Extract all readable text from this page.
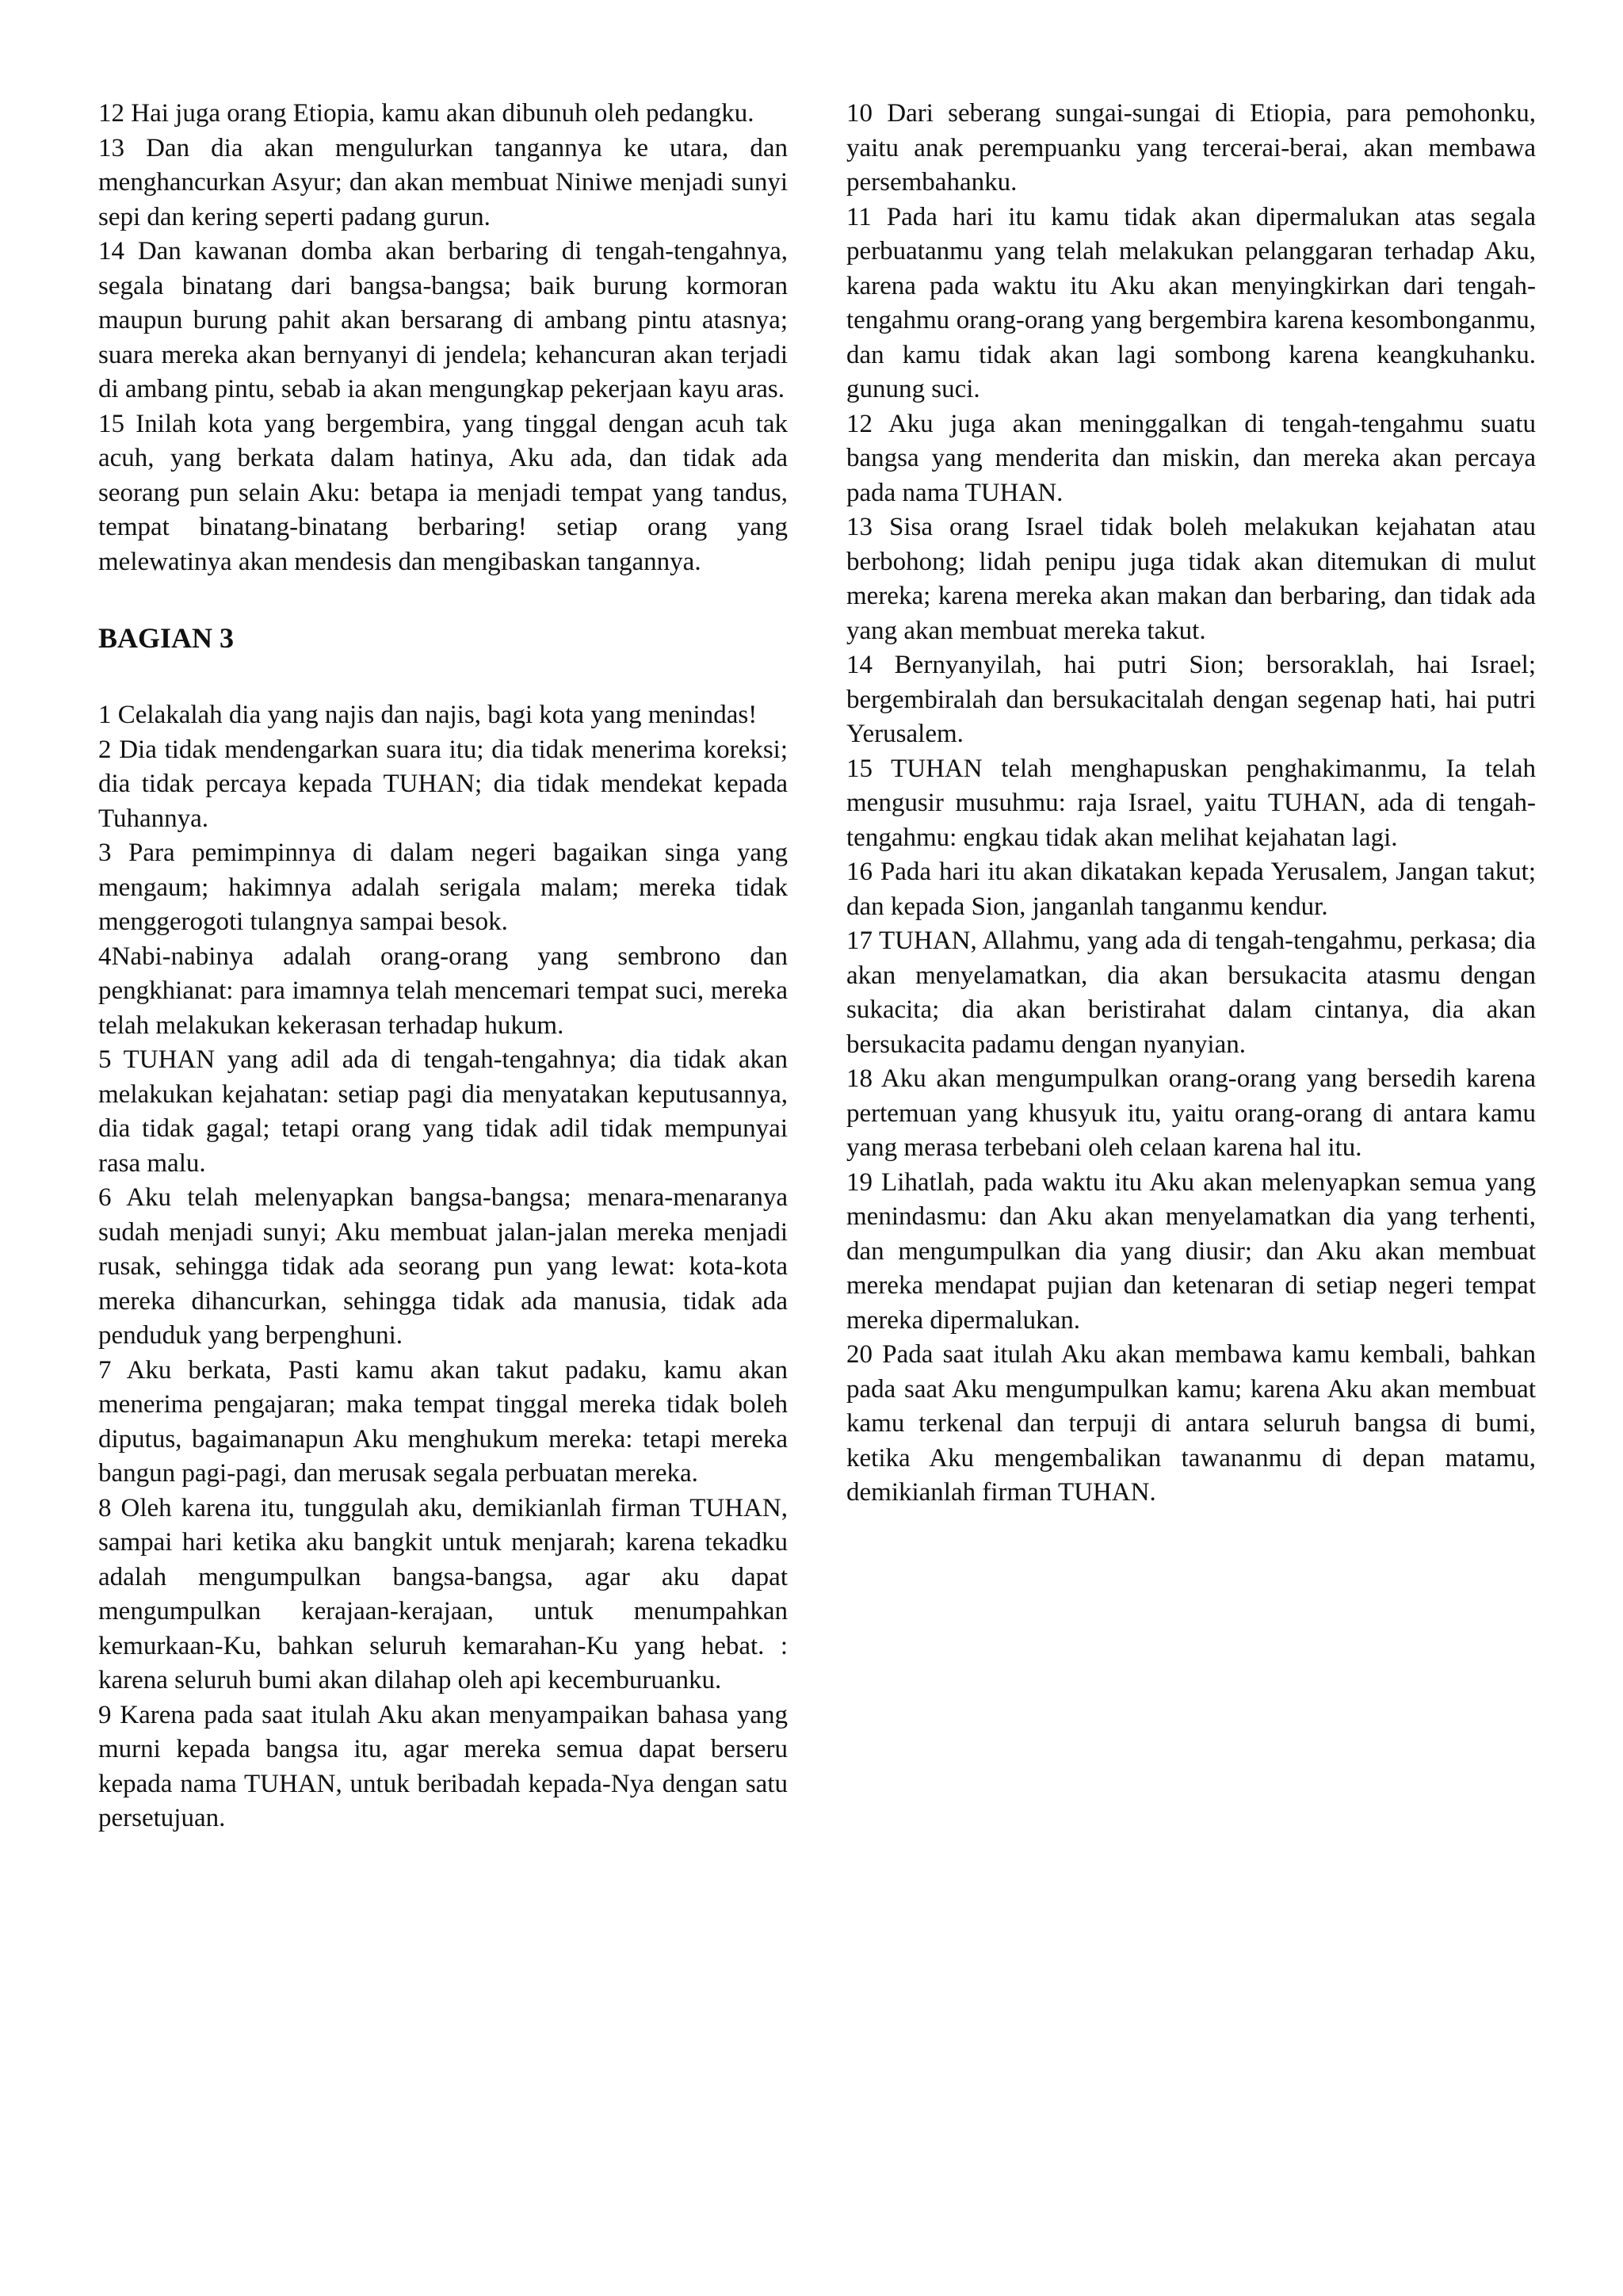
12 Hai juga orang Etiopia, kamu akan dibunuh oleh pedangku.

13 Dan dia akan mengulurkan tangannya ke utara, dan menghancurkan Asyur; dan akan membuat Niniwe menjadi sunyi sepi dan kering seperti padang gurun.

14 Dan kawanan domba akan berbaring di tengah-tengahnya, segala binatang dari bangsa-bangsa; baik burung kormoran maupun burung pahit akan bersarang di ambang pintu atasnya; suara mereka akan bernyanyi di jendela; kehancuran akan terjadi di ambang pintu, sebab ia akan mengungkap pekerjaan kayu aras.

15 Inilah kota yang bergembira, yang tinggal dengan acuh tak acuh, yang berkata dalam hatinya, Aku ada, dan tidak ada seorang pun selain Aku: betapa ia menjadi tempat yang tandus, tempat binatang-binatang berbaring! setiap orang yang melewatinya akan mendesis dan mengibaskan tangannya.

BAGIAN 3

1 Celakalah dia yang najis dan najis, bagi kota yang menindas!

2 Dia tidak mendengarkan suara itu; dia tidak menerima koreksi; dia tidak percaya kepada TUHAN; dia tidak mendekat kepada Tuhannya.

3 Para pemimpinnya di dalam negeri bagaikan singa yang mengaum; hakimnya adalah serigala malam; mereka tidak menggerogoti tulangnya sampai besok.

4Nabi-nabinya adalah orang-orang yang sembrono dan pengkhianat: para imamnya telah mencemari tempat suci, mereka telah melakukan kekerasan terhadap hukum.

5 TUHAN yang adil ada di tengah-tengahnya; dia tidak akan melakukan kejahatan: setiap pagi dia menyatakan keputusannya, dia tidak gagal; tetapi orang yang tidak adil tidak mempunyai rasa malu.

6 Aku telah melenyapkan bangsa-bangsa; menara-menaranya sudah menjadi sunyi; Aku membuat jalan-jalan mereka menjadi rusak, sehingga tidak ada seorang pun yang lewat: kota-kota mereka dihancurkan, sehingga tidak ada manusia, tidak ada penduduk yang berpenghuni.

7 Aku berkata, Pasti kamu akan takut padaku, kamu akan menerima pengajaran; maka tempat tinggal mereka tidak boleh diputus, bagaimanapun Aku menghukum mereka: tetapi mereka bangun pagi-pagi, dan merusak segala perbuatan mereka.

8 Oleh karena itu, tunggulah aku, demikianlah firman TUHAN, sampai hari ketika aku bangkit untuk menjarah; karena tekadku adalah mengumpulkan bangsa-bangsa, agar aku dapat mengumpulkan kerajaan-kerajaan, untuk menumpahkan kemurkaan-Ku, bahkan seluruh kemarahan-Ku yang hebat. : karena seluruh bumi akan dilahap oleh api kecemburuanku.

9 Karena pada saat itulah Aku akan menyampaikan bahasa yang murni kepada bangsa itu, agar mereka semua dapat berseru kepada nama TUHAN, untuk beribadah kepada-Nya dengan satu persetujuan.

10 Dari seberang sungai-sungai di Etiopia, para pemohonku, yaitu anak perempuanku yang tercerai-berai, akan membawa persembahanku.

11 Pada hari itu kamu tidak akan dipermalukan atas segala perbuatanmu yang telah melakukan pelanggaran terhadap Aku, karena pada waktu itu Aku akan menyingkirkan dari tengah-tengahmu orang-orang yang bergembira karena kesombonganmu, dan kamu tidak akan lagi sombong karena keangkuhanku. gunung suci.

12 Aku juga akan meninggalkan di tengah-tengahmu suatu bangsa yang menderita dan miskin, dan mereka akan percaya pada nama TUHAN.

13 Sisa orang Israel tidak boleh melakukan kejahatan atau berbohong; lidah penipu juga tidak akan ditemukan di mulut mereka; karena mereka akan makan dan berbaring, dan tidak ada yang akan membuat mereka takut.

14 Bernyanyilah, hai putri Sion; bersoraklah, hai Israel; bergembiralah dan bersukacitalah dengan segenap hati, hai putri Yerusalem.

15 TUHAN telah menghapuskan penghakimanmu, Ia telah mengusir musuhmu: raja Israel, yaitu TUHAN, ada di tengah-tengahmu: engkau tidak akan melihat kejahatan lagi.

16 Pada hari itu akan dikatakan kepada Yerusalem, Jangan takut; dan kepada Sion, janganlah tanganmu kendur.

17 TUHAN, Allahmu, yang ada di tengah-tengahmu, perkasa; dia akan menyelamatkan, dia akan bersukacita atasmu dengan sukacita; dia akan beristirahat dalam cintanya, dia akan bersukacita padamu dengan nyanyian.

18 Aku akan mengumpulkan orang-orang yang bersedih karena pertemuan yang khusyuk itu, yaitu orang-orang di antara kamu yang merasa terbebani oleh celaan karena hal itu.

19 Lihatlah, pada waktu itu Aku akan melenyapkan semua yang menindasmu: dan Aku akan menyelamatkan dia yang terhenti, dan mengumpulkan dia yang diusir; dan Aku akan membuat mereka mendapat pujian dan ketenaran di setiap negeri tempat mereka dipermalukan.

20 Pada saat itulah Aku akan membawa kamu kembali, bahkan pada saat Aku mengumpulkan kamu; karena Aku akan membuat kamu terkenal dan terpuji di antara seluruh bangsa di bumi, ketika Aku mengembalikan tawananmu di depan matamu, demikianlah firman TUHAN.
